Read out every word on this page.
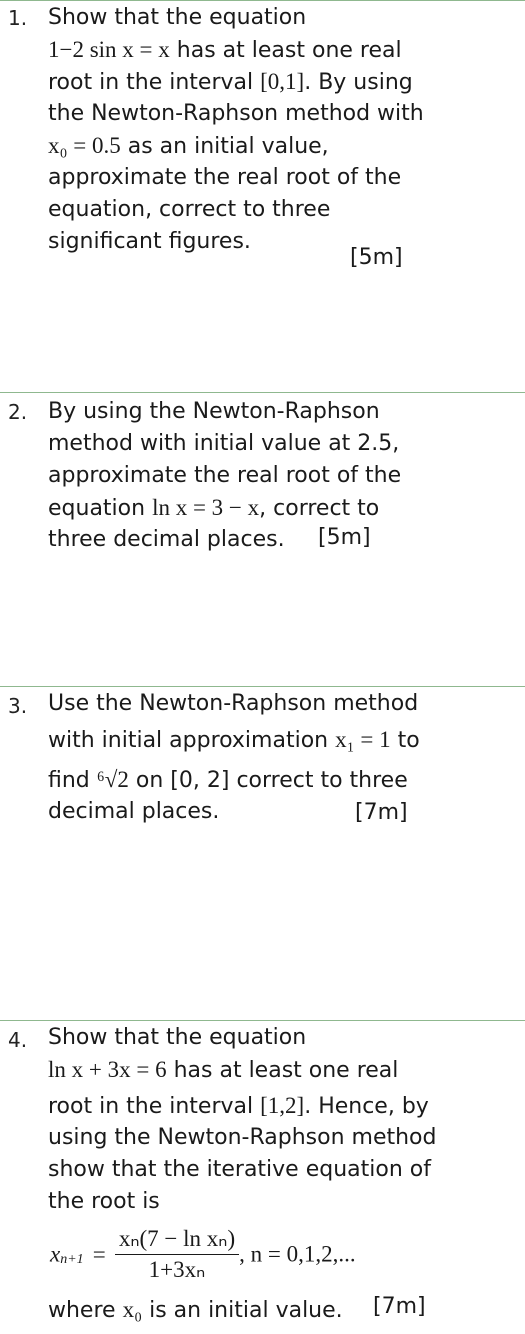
1. Show that the equation
1−2 sin x = x has at least one real
root in the interval [0,1]. By using
the Newton-Raphson method with
x₀ = 0.5 as an initial value,
approximate the real root of the
equation, correct to three
significant figures.
[5m]
2. By using the Newton-Raphson
method with initial value at 2.5,
approximate the real root of the
equation ln x = 3 − x, correct to
three decimal places.	[5m]
3. Use the Newton-Raphson method
with initial approximation x₁ = 1 to
find ⁶√2 on [0, 2] correct to three
decimal places.	[7m]
4. Show that the equation
ln x + 3x = 6 has at least one real
root in the interval [1,2]. Hence, by
using the Newton-Raphson method
show that the iterative equation of
the root is
$x_{n+1} = \frac{\text{xₙ(7 − ln xₙ)}}{\text{1+3xₙ}}$ , n = 0,1,2,...
where x₀ is an initial value.	[7m]
